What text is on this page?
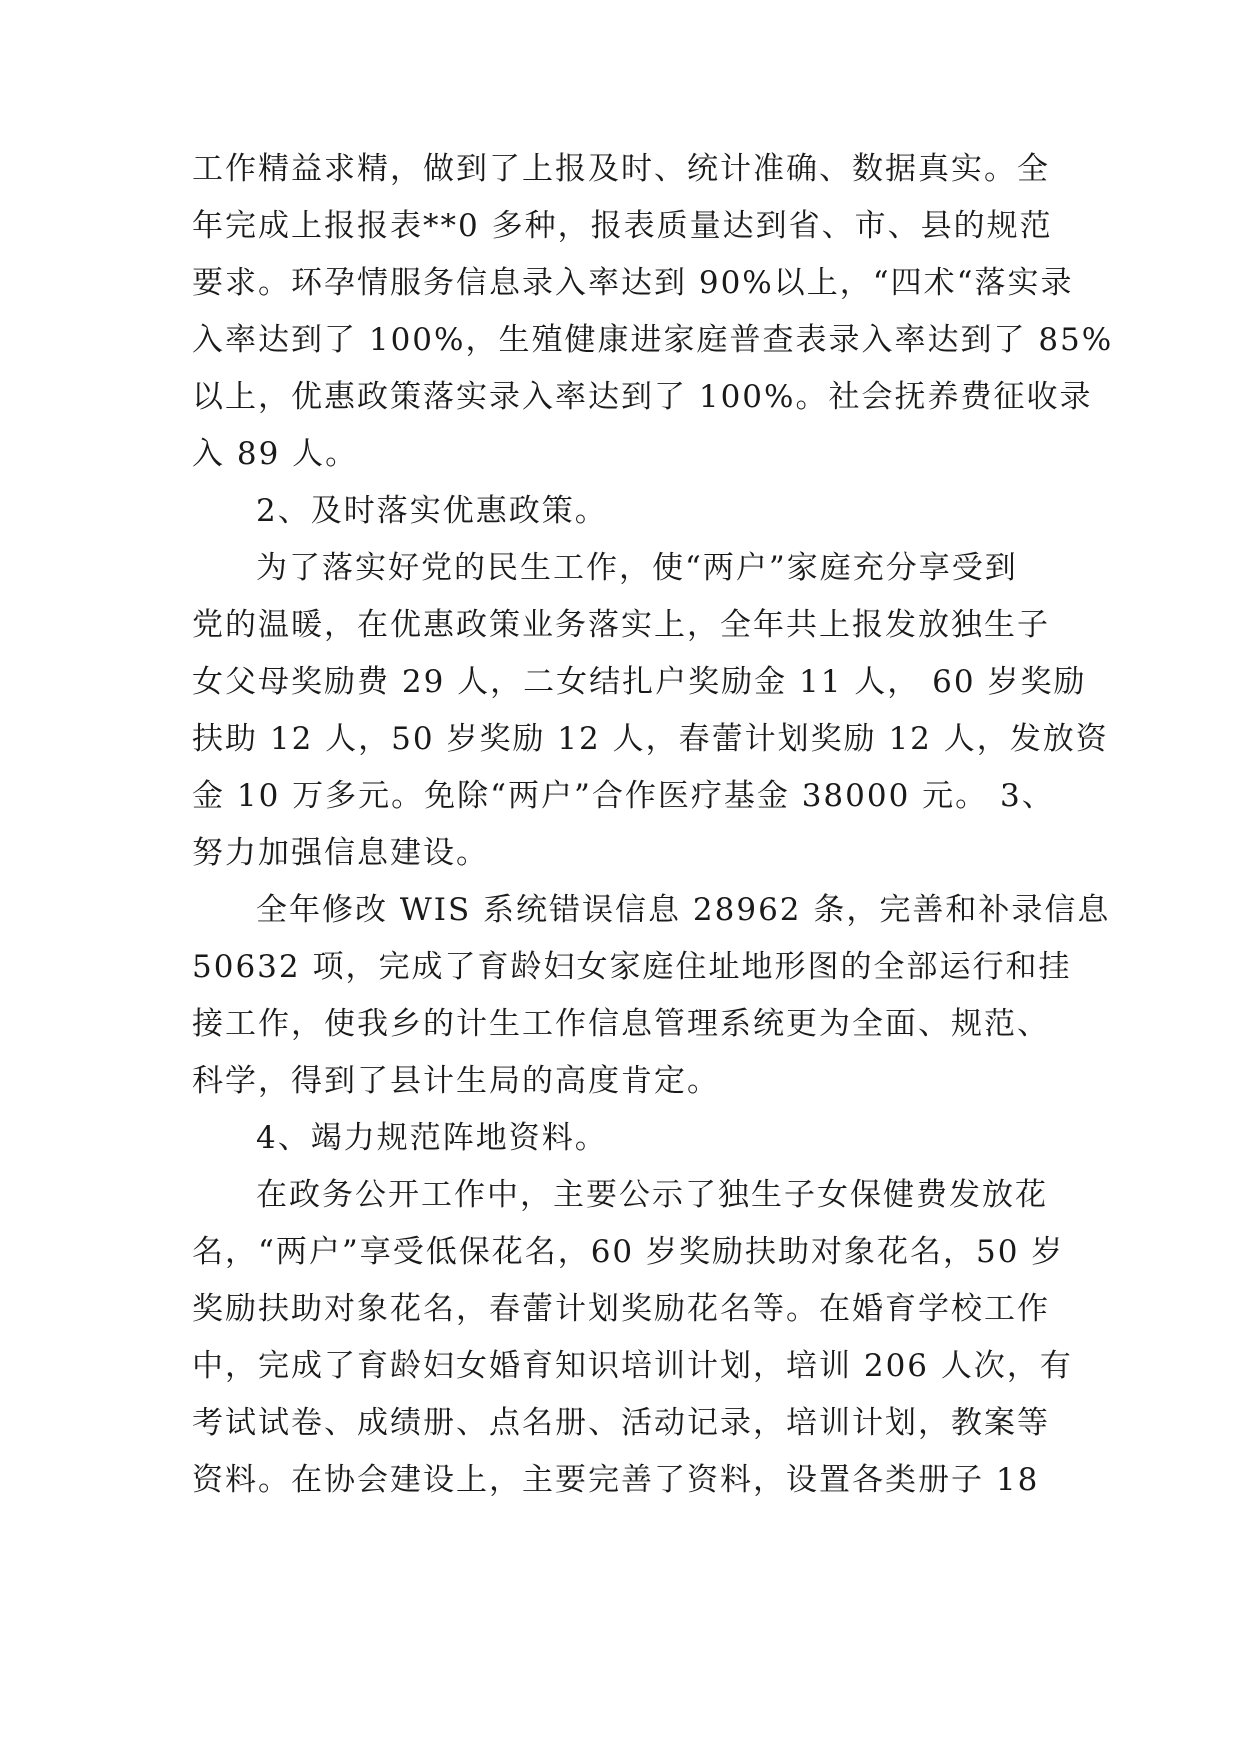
工作精益求精，做到了上报及时、统计准确、数据真实。全
年完成上报报表**0 多种，报表质量达到省、市、县的规范
要求。环孕情服务信息录入率达到 90%以上，“四术“落实录
入率达到了 100%，生殖健康进家庭普查表录入率达到了 85%
以上，优惠政策落实录入率达到了 100%。社会抚养费征收录
入 89 人。
2、及时落实优惠政策。
为了落实好党的民生工作，使“两户”家庭充分享受到
党的温暖，在优惠政策业务落实上，全年共上报发放独生子
女父母奖励费 29 人，二女结扎户奖励金 11 人， 60 岁奖励
扶助 12 人，50 岁奖励 12 人，春蕾计划奖励 12 人，发放资
金 10 万多元。免除“两户”合作医疗基金 38000 元。 3、
努力加强信息建设。
全年修改 WIS 系统错误信息 28962 条，完善和补录信息
50632 项，完成了育龄妇女家庭住址地形图的全部运行和挂
接工作，使我乡的计生工作信息管理系统更为全面、规范、
科学，得到了县计生局的高度肯定。
4、竭力规范阵地资料。
在政务公开工作中，主要公示了独生子女保健费发放花
名，“两户”享受低保花名，60 岁奖励扶助对象花名，50 岁
奖励扶助对象花名，春蕾计划奖励花名等。在婚育学校工作
中，完成了育龄妇女婚育知识培训计划，培训 206 人次，有
考试试卷、成绩册、点名册、活动记录，培训计划，教案等
资料。在协会建设上，主要完善了资料，设置各类册子 18
